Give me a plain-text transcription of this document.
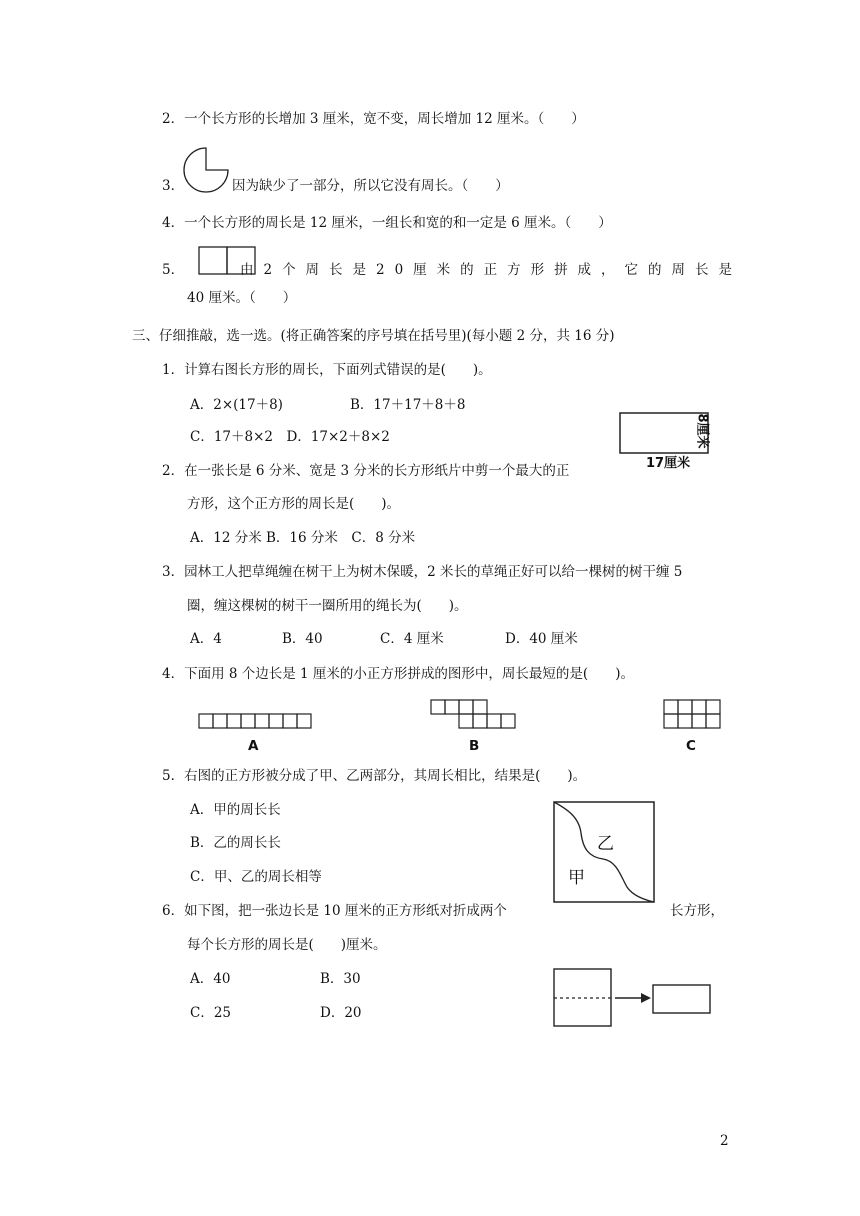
2．一个长方形的长增加 3 厘米，宽不变，周长增加 12 厘米。（　　）
3．	因为缺少了一部分，所以它没有周长。（　　）
4．一个长方形的周长是 12 厘米，一组长和宽的和一定是 6 厘米。（　　）
5．	由 2 个 周 长 是 2 0 厘 米 的 正 方 形 拼 成 ， 它 的 周 长 是
40 厘米。（　　）
三、仔细推敲，选一选。(将正确答案的序号填在括号里)(每小题 2 分，共 16 分)
1．计算右图长方形的周长，下面列式错误的是(　　)。
A．2×(17＋8)	B．17＋17＋8＋8
C．17＋8×2　D．17×2＋8×2
17厘米
8厘米
2．在一张长是 6 分米、宽是 3 分米的长方形纸片中剪一个最大的正
方形，这个正方形的周长是(　　)。
A．12 分米 B．16 分米　C．8 分米
3．园林工人把草绳缠在树干上为树木保暖，2 米长的草绳正好可以给一棵树的树干缠 5
圈，缠这棵树的树干一圈所用的绳长为(　　)。
A．4	B．40	C．4 厘米	D．40 厘米
4．下面用 8 个边长是 1 厘米的小正方形拼成的图形中，周长最短的是(　　)。
A	B	C
5．右图的正方形被分成了甲、乙两部分，其周长相比，结果是(　　)。
A．甲的周长长
B．乙的周长长
C．甲、乙的周长相等
乙
甲
6．如下图，把一张边长是 10 厘米的正方形纸对折成两个	长方形，
每个长方形的周长是(　　)厘米。
A．40	B．30
C．25	D．20
2
